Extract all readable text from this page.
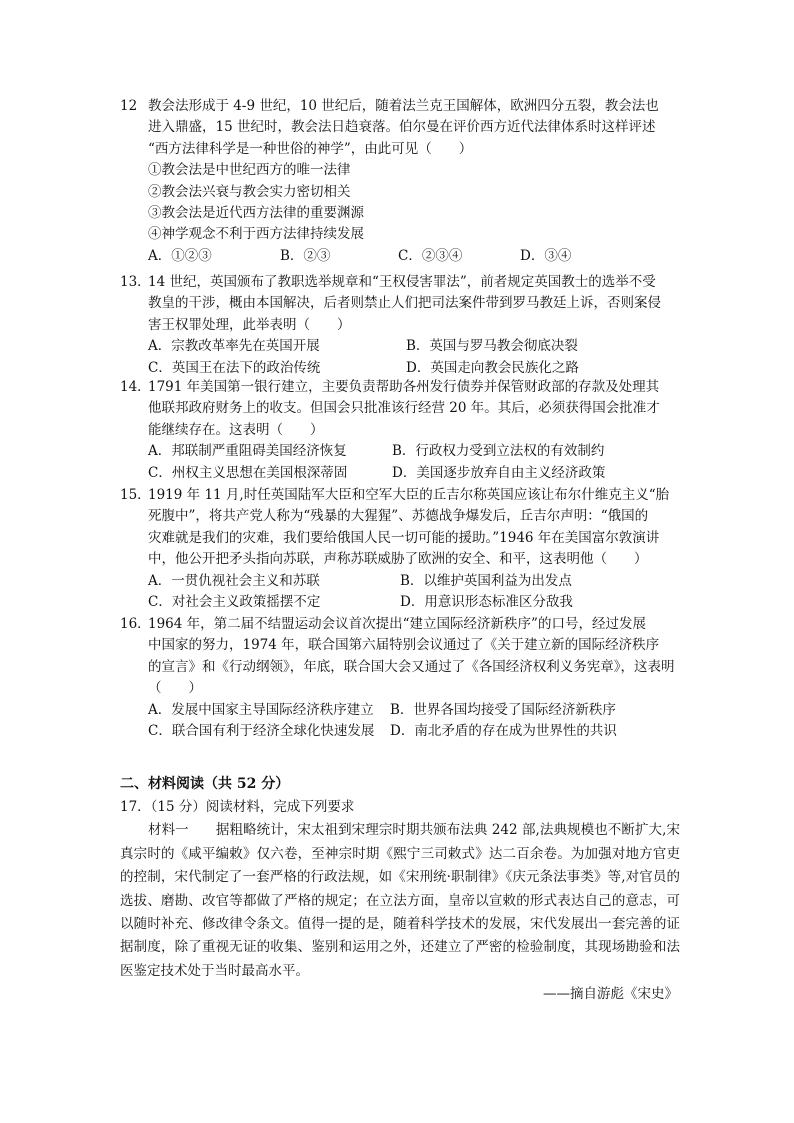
12 教会法形成于 4-9 世纪，10 世纪后，随着法兰克王国解体，欧洲四分五裂，教会法也
进入鼎盛，15 世纪时，教会法日趋衰落。伯尔曼在评价西方近代法律体系时这样评述
“西方法律科学是一种世俗的神学”，由此可见（　　）
①教会法是中世纪西方的唯一法律
②教会法兴衰与教会实力密切相关
③教会法是近代西方法律的重要渊源
④神学观念不利于西方法律持续发展
A．①②③	B．②③	C．②③④	D．③④
13．14 世纪，英国颁布了教职选举规章和“王权侵害罪法”，前者规定英国教士的选举不受
教皇的干涉，概由本国解决，后者则禁止人们把司法案件带到罗马教廷上诉，否则案侵
害王权罪处理，此举表明（　　）
A．宗教改革率先在英国开展	B．英国与罗马教会彻底决裂
C．英国王在法下的政治传统	D．英国走向教会民族化之路
14．1791 年美国第一银行建立，主要负责帮助各州发行债券并保管财政部的存款及处理其
他联邦政府财务上的收支。但国会只批准该行经营 20 年。其后，必须获得国会批准才
能继续存在。这表明（　　）
A．邦联制严重阻碍美国经济恢复	B．行政权力受到立法权的有效制约
C．州权主义思想在美国根深蒂固	D．美国逐步放弃自由主义经济政策
15．1919 年 11 月,时任英国陆军大臣和空军大臣的丘吉尔称英国应该让布尔什维克主义“胎
死腹中”，将共产党人称为“残暴的大猩猩”、苏德战争爆发后，丘吉尔声明：“俄国的
灾难就是我们的灾难，我们要给俄国人民一切可能的援助。”1946 年在美国富尔敦演讲
中，他公开把矛头指向苏联，声称苏联威胁了欧洲的安全、和平，这表明他（　　）
A．一贯仇视社会主义和苏联	B．以维护英国利益为出发点
C．对社会主义政策摇摆不定	D．用意识形态标准区分敌我
16．1964 年，第二届不结盟运动会议首次提出“建立国际经济新秩序”的口号，经过发展
中国家的努力，1974 年，联合国第六届特别会议通过了《关于建立新的国际经济秩序
的宣言》和《行动纲领》，年底，联合国大会又通过了《各国经济权利义务宪章》，这表明
（　　）
A．发展中国家主导国际经济秩序建立	B．世界各国均接受了国际经济新秩序
C．联合国有利于经济全球化快速发展	D．南北矛盾的存在成为世界性的共识
二、材料阅读（共 52 分）
17．（15 分）阅读材料，完成下列要求
材料一　　据粗略统计，宋太祖到宋理宗时期共颁布法典 242 部,法典规模也不断扩大,宋真宗时的《咸平编敕》仅六卷，至神宗时期《熙宁三司敕式》达二百余卷。为加强对地方官吏的控制，宋代制定了一套严格的行政法规，如《宋刑统·职制律》《庆元条法事类》等,对官员的选拔、磨勘、改官等都做了严格的规定；在立法方面，皇帝以宣敕的形式表达自己的意志，可以随时补充、修改律令条文。值得一提的是，随着科学技术的发展，宋代发展出一套完善的证据制度，除了重视无证的收集、鉴别和运用之外，还建立了严密的检验制度，其现场勘验和法医鉴定技术处于当时最高水平。
——摘自游彪《宋史》
